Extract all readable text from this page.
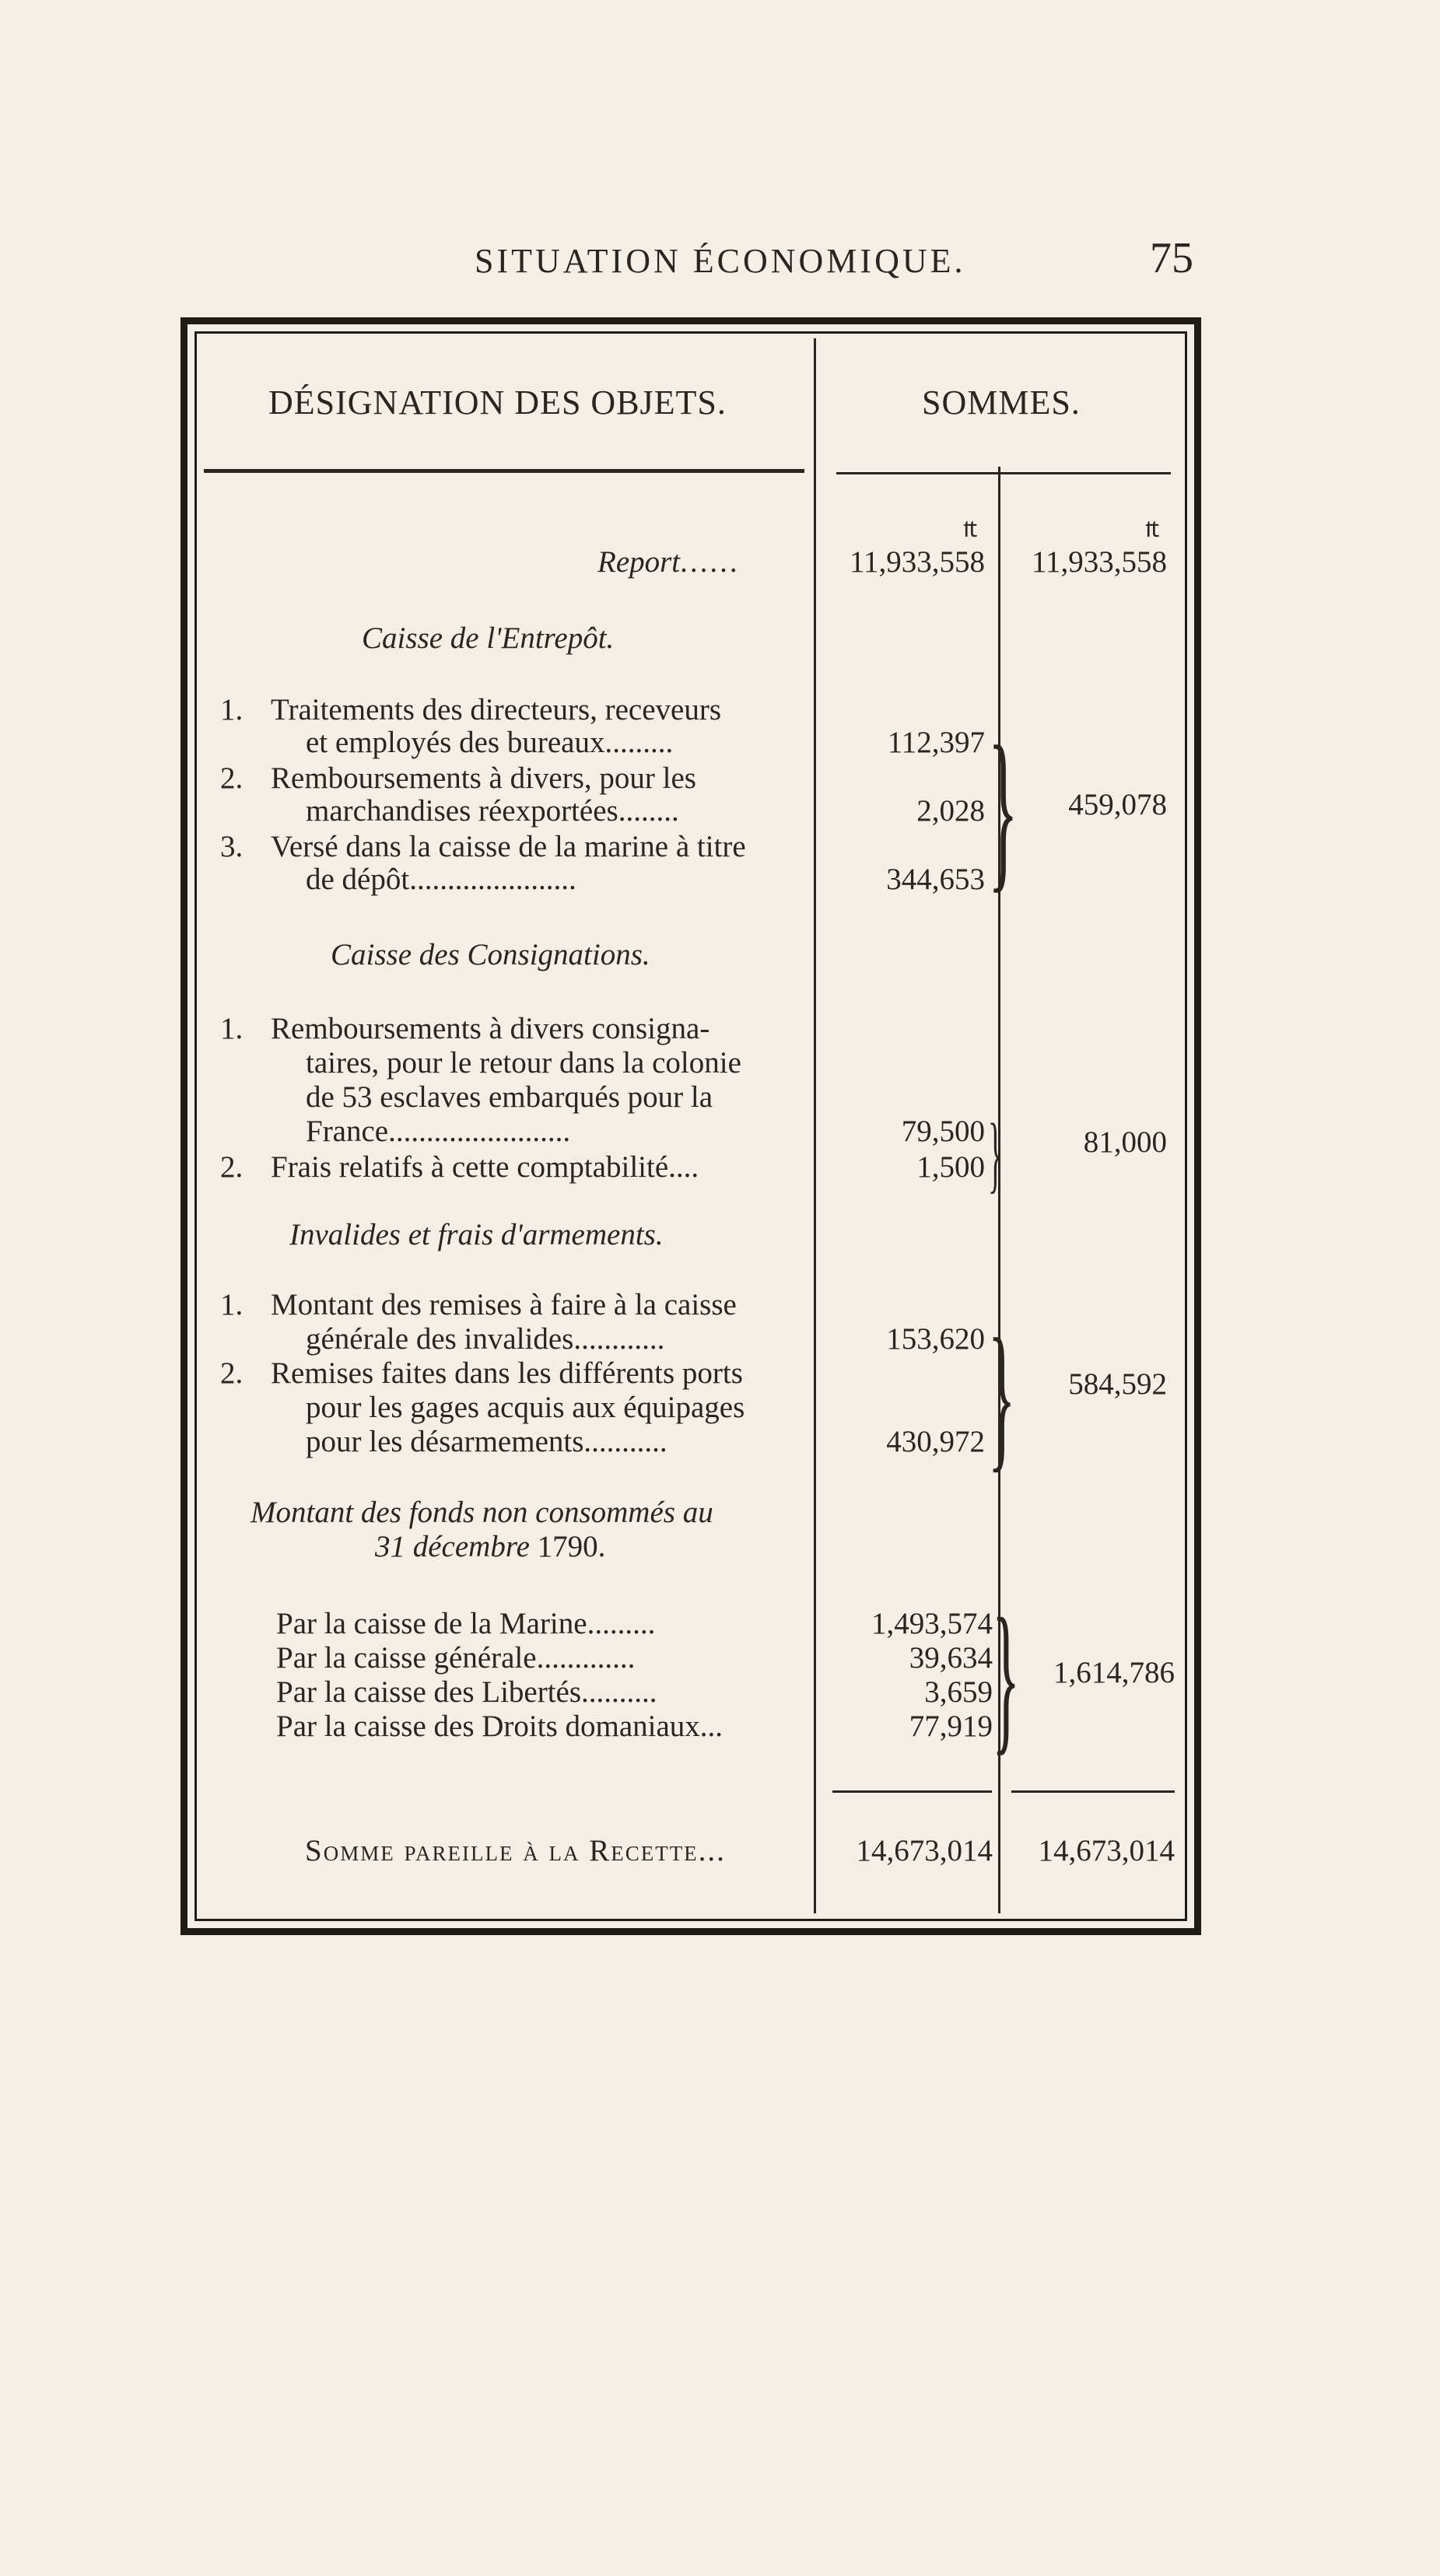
SITUATION ÉCONOMIQUE.	75
DÉSIGNATION DES OBJETS.	SOMMES.
₶	₶
Report......	11,933,558	11,933,558
Caisse de l'Entrepôt.
1. Traitements des directeurs, receveurs
et employés des bureaux.........	112,397
2. Remboursements à divers, pour les
marchandises réexportées........	2,028
3. Versé dans la caisse de la marine à titre
de dépôt......................	344,653 }	459,078
Caisse des Consignations.
1. Remboursements à divers consigna-
taires, pour le retour dans la colonie
de 53 esclaves embarqués pour la
France........................	79,500
2. Frais relatifs à cette comptabilité....	1,500 }	81,000
Invalides et frais d'armements.
1. Montant des remises à faire à la caisse
générale des invalides............	153,620
2. Remises faites dans les différents ports
pour les gages acquis aux équipages
pour les désarmements...........	430,972 }	584,592
Montant des fonds non consommés au
31 décembre 1790.
Par la caisse de la Marine.........	1,493,574
Par la caisse générale.............	39,634
Par la caisse des Libertés..........	3,659
Par la caisse des Droits domaniaux...	77,919 }	1,614,786
Somme pareille à la Recette...	14,673,014	14,673,014
